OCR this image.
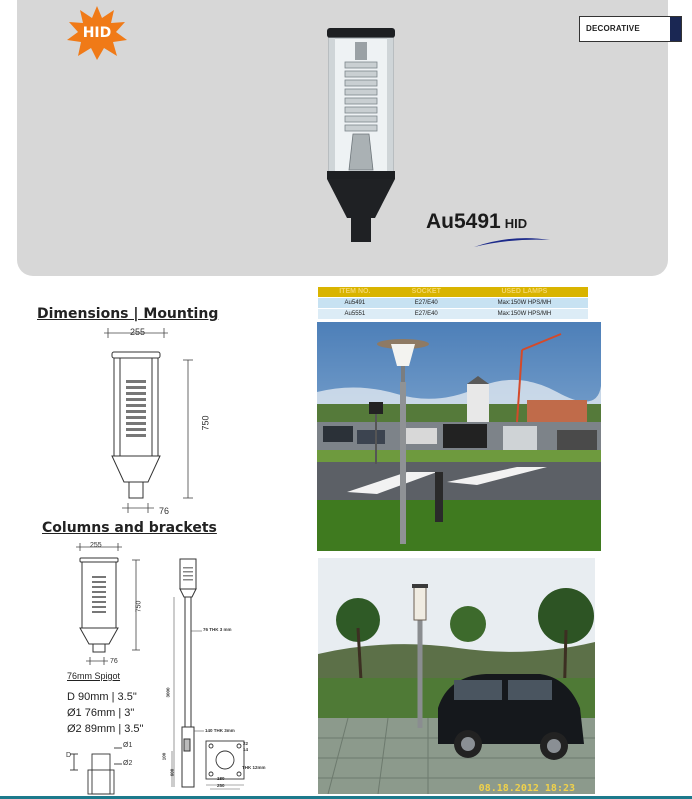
HID	DECORATIVE
Au5491 HID
ITEM NO.	SOCKET	USED LAMPS
Au5491	E27/E40	Max:150W HPS/MH
Au5551	E27/E40	Max:150W HPS/MH
08.18.2012 18:23
Dimensions | Mounting
255
750
76
Columns and brackets
255
750
76
76mm Spigot
D 90mm | 3.5"
Ø1 76mm | 3"
Ø2 89mm | 3.5"
Ø1
Ø2
D
76 THK 3 mm
3000
140 THK 3mm
100
600
22
14
THK 12mm
180
250
